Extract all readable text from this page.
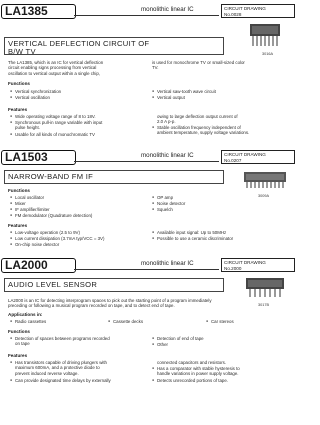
LA1385	monolithic linear IC	CIRCUIT DRAWING
No.0028
VERTICAL DEFLECTION CIRCUIT OF
B/W TV	3016A
The LA1385, which is an IC for vertical deflection
circuit enabling signs processing from vertical
oscillation to vertical output within a single chip,
is used for monochrome TV or small-sized color
TV.
Functions
● Vertical synchronization
● Vertical oscillation
● Vertical saw-tooth wave circuit
● Vertical output
Features
● Wide operating voltage range of 8 to 18V.
● Synchronous pull-in range variable with input
pulse height.
● Usable for all kinds of monochromatic TV
owing to large deflection output current of
2.0 A p-p.
● Stable oscillation frequency independent of
ambient temperature, supply voltage variations.
LA1503	monolithic linear IC	CIRCUIT DRAWING
No.0207
NARROW-BAND FM IF
3009A
Functions
● Local oscillator
● Mixer
● IF amplifier/limiter
● FM demodulator (Quadrature detection)
● OP amp
● Noise detector
● Squelch
Features
● Low-voltage operation (2.5 to 9V)
● Low current dissipation (3.7mA typ/VCC = 3V)
● On-chip noise detector
● Available input signal: Up to 50MHz
● Possible to use a ceramic discriminator
LA2000	monolithic linear IC	CIRCUIT DRAWING
No.2000
AUDIO LEVEL SENSOR
3017B
LA2000 is an IC for detecting interprogram spaces to pick out the starting point of a program immediately
preceding or following a musical program recorded on tape, and to detect end of tape.
Applications in:
● Radio cassettes	● Cassette decks	● Car stereos
Functions
● Detection of spaces between programs recorded
on tape
● Detection of end of tape
● Other
Features
● Has transistors capable of driving plungers with
maximum 600mA, and a protective diode to
prevent induced reverse voltage.
● Can provide designated time delays by externally
connected capacitors and resistors.
● Has a comparator with stable hysteresis to
handle variations in power supply voltage.
● Detects unrecorded portions of tape.
